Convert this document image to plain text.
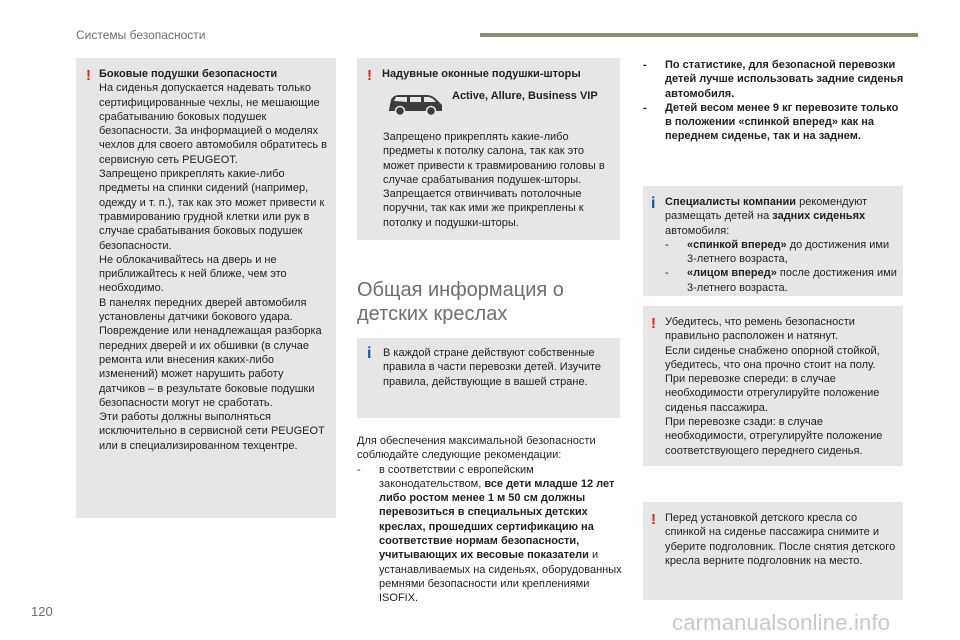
Системы безопасности
! Боковые подушки безопасности

На сиденья допускается надевать только сертифицированные чехлы, не мешающие срабатыванию боковых подушек безопасности. За информацией о моделях чехлов для своего автомобиля обратитесь в сервисную сеть PEUGEOT.
Запрещено прикреплять какие-либо предметы на спинки сидений (например, одежду и т. п.), так как это может привести к травмированию грудной клетки или рук в случае срабатывания боковых подушек безопасности.
Не облокачивайтесь на дверь и не приближайтесь к ней ближе, чем это необходимо.
В панелях передних дверей автомобиля установлены датчики бокового удара.
Повреждение или ненадлежащая разборка передних дверей и их обшивки (в случае ремонта или внесения каких-либо изменений) может нарушить работу датчиков – в результате боковые подушки безопасности могут не сработать.
Эти работы должны выполняться исключительно в сервисной сети PEUGEOT или в специализированном техцентре.

! Надувные оконные подушки-шторы
Active, Allure, Business VIP
Запрещено прикреплять какие-либо предметы к потолку салона, так как это может привести к травмированию головы в случае срабатывания подушек-шторы.
Запрещается отвинчивать потолочные поручни, так как ими же прикреплены к потолку и подушки-шторы.
Общая информация о
детских креслах
i В каждой стране действуют собственные правила в части перевозки детей. Изучите правила, действующие в вашей стране.

Для обеспечения максимальной безопасности соблюдайте следующие рекомендации:

-	в соответствии с европейским законодательством, все дети младше 12 лет либо ростом менее 1 м 50 см должны перевозиться в специальных детских креслах, прошедших сертификацию на соответствие нормам безопасности, учитывающих их весовые показатели и устанавливаемых на сиденьях, оборудованных ремнями безопасности или креплениями ISOFIX.
-	По статистике, для безопасной перевозки детей лучше использовать задние сиденья автомобиля.
-	Детей весом менее 9 кг перевозите только в положении «спинкой вперед» как на переднем сиденье, так и на заднем.
i Специалисты компании рекомендуют размещать детей на задних сиденьях автомобиля:

-	«спинкой вперед» до достижения ими 3-летнего возраста,
-	«лицом вперед» после достижения ими 3-летнего возраста.
! Убедитесь, что ремень безопасности правильно расположен и натянут.
Если сиденье снабжено опорной стойкой, убедитесь, что она прочно стоит на полу.
При перевозке спереди: в случае необходимости отрегулируйте положение сиденья пассажира.
При перевозке сзади: в случае необходимости, отрегулируйте положение соответствующего переднего сиденья.
! Перед установкой детского кресла со спинкой на сиденье пассажира снимите и уберите подголовник. После снятия детского кресла верните подголовник на место.
120	carmanualsonline.info
